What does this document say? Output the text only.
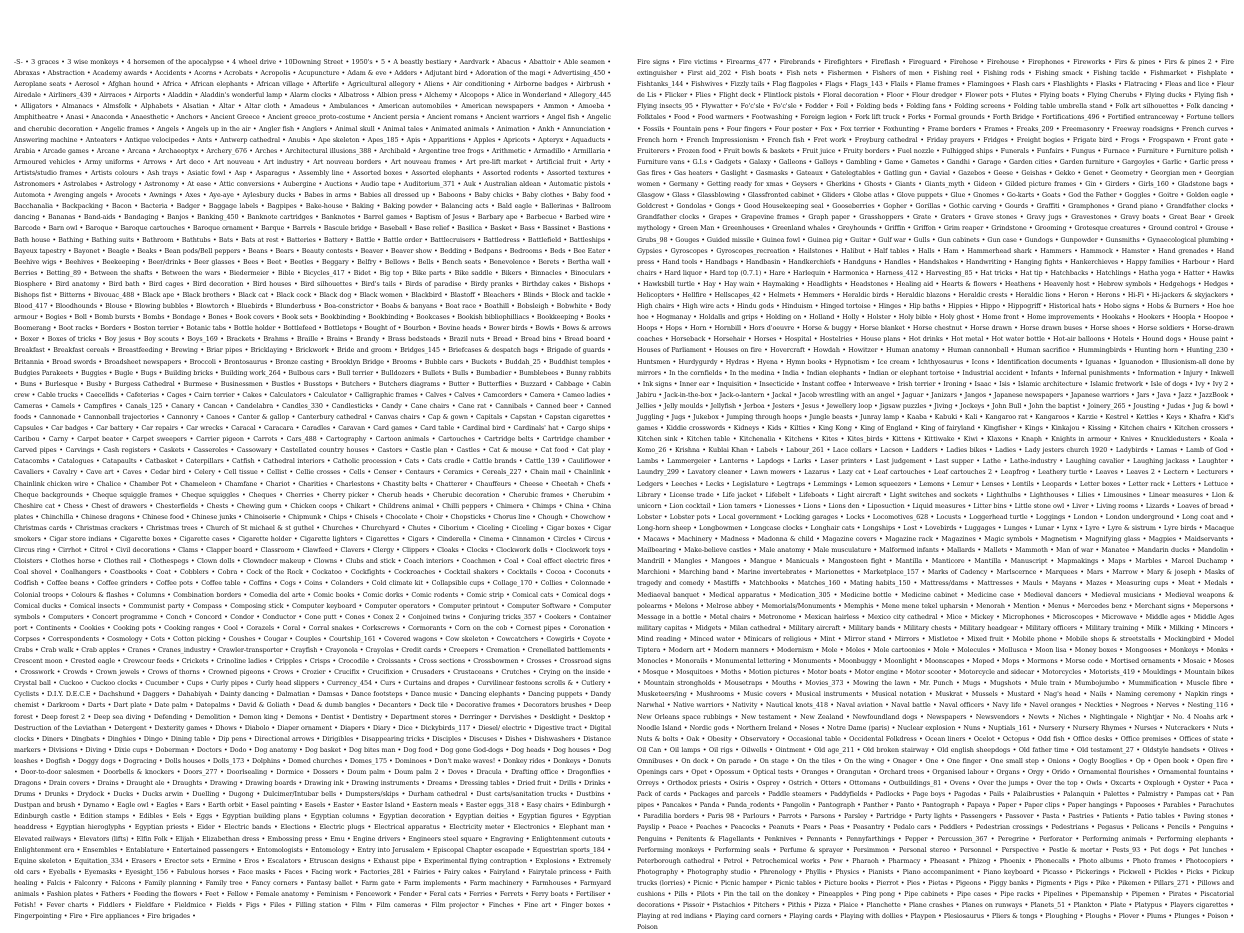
-S- • 3 graces • 3 wise monkeys • 4 horsemen of the apocalypse • 4 wheel drive • 10Downing Street • 1950's • 5 • A beastly bestiary • Aardvark • Abacus • Abattoir • Able seamen • Abraxas • Abstraction • Academy awards • Accidents • Acorns • Acrobats • Acropolis • Acupuncture • Adam & eve • Adders • Adjutant bird • Adoration of the magi • Advertising_450 • Aeroplane seats • Aerosol • Afghan hound • Africa • African elephants • African village • Afterlife • Agricultural allegory • Aliens • Air conditioning • Airborne badges • Airbrush • Airedale • Airliners_439 • Airraces • Airports • Aladdin • Aladdin's wonderful lamp • Alarm clocks • Albatross • Albion press • Alchemy • Alcopops • Alice in Wonderland • Allegory_445 • Alligators • Almanacs • Almsfolk • Alphabets • Alsatian • Altar • Altar cloth • Amadeus • Ambulances • American automobiles • American newspapers • Ammon • Amoeba • Amphitheatre • Anasi • Anaconda • Anaesthetic • Anchors • Ancient Greece • Ancient greece_proto-costume • Ancient persia • Ancient romans • Ancient warriors • Angel fish • Angelic and cherubic decoration • Angelic frames • Angels • Angels up in the air • Angler fish • Anglers • Animal skull • Animal tales • Animated animals • Animation • Ankh • Annunciation • Answering machine • Anteaters • Antique velocipedes • Ants • Antwerp cathedral • Anubis • Ape skeleton • Apes_185 • Apis • Apparitions • Apples • Apricots • Apteryx • Aquaducts • Arabia • Arcade games • Arcane • Arcana • Archaeoptyx • Archery_676 • Arches • Architectural illusions_388 • Archibald • Argentine tree frogs • Arithmetic • Armadillo • Armillaria • Armoured vehicles • Army uniforms • Arrows • Art deco • Art nouveau • Art industry • Art nouveau borders • Art nouveau frames • Art pre-lift market • Artificial fruit • Arty • Artists/studio frames • Artists colours • Ash trays • Asiatic fowl • Asp • Asparagus • Assembly line • Assorted boxes • Assorted elephants • Assorted rodents • Assorted textures • Astronomers • Astrolabes • Astrology • Astronomy • At ease • Attic conversions • Aubergine • Auctions • Audio tape • Auditorium_371 • Auk • Australian aldean • Automatic pistols • Automota • Avenging angels • Avocets • Awnings • Axes • Aye-aye • Aylesbury ducks • Babes in arms • Babies all dressed up • Baboons • Baby chicks • Baby clothes • Baby food • Bacchanalia • Backpacking • Bacon • Bacteria • Badger • Baggage labels • Bagpipes • Bake-house • Baking • Baking powder • Balancing acts • Bald eagle • Ballerinas • Ballroom dancing • Bananas • Band-aids • Bandaging • Banjos • Banking_450 • Banknote cartridges • Banknotes • Barrel games • Baptism of Jesus • Barbary ape • Barbecue • Barbed wire • Barcode • Barn owl • Baroque • Baroque cartouches • Baroque ornament • Barque • Barrels • Bascule bridge • Baseball • Base relief • Basilica • Basket • Bass • Bassinet • Bastions • Bath house • Bathing • Bathing suits • Bathroom • Bathtubs • Bats • Bats at rest • Batteries • Battery • Battle • Battle order • Battlecruisers • Battledress • Battlefield • Battleships • Bayeux tapestry • Bayonet • Beagle • Beaks • Bean pods/Bell peppers • Beans • Bears • Beauty contests • Beaver • Beaver show • Bedding • Bedpans • Bedrooms • Beds • Bee Eater • Beehive wigs • Beehives • Beekeeping • Beer/drinks • Beer glasses • Bees • Beet • Beetles • Beggary • Belfry • Bellows • Bells • Bench seats • Benevolence • Berets • Bertha wall • Berries • Betting_89 • Between the shafts • Between the wars • Biedermeier • Bible • Bicycles_417 • Bidet • Big top • Bike parts • Bike saddle • Bikers • Binnacles • Binoculars • Biosphere • Bird anatomy • Bird bath • Bird cages • Bird decoration • Bird houses • Bird silhouettes • Bird's tails • Birds of paradise • Birdy pranks • Birthday cakes • Bishops • Bishops fist • Bitterns • Bivouac_488 • Black ape • Black brothers • Black cat • Black cock • Black dog • Black women • Blackbird • Blastoff • Bleachers • Blinds • Block and tackle • Blood_417 • Bloodhounds • Blouse • Blowing bubbles • Blowtorch • Bluebirds • Blunderbuss • Boa-constrictor • Boabs & banyans • Boat race • Boathill • Bobsleigh • Bobwhite • Body armour • Bogies • Boll • Bomb bursts • Bombs • Bondage • Bones • Book covers • Book sets • Bookbinding • Bookbinding • Bookcases • Bookish bibliophilliacs • Bookkeeping • Books • Boomerang • Boot racks • Borders • Boston terrier • Botanic tabs • Bottle holder • Bottlefeed • Bottletops • Bought of • Bourbon • Bovine heads • Bower birds • Bowls • Bows & arrows • Boxer • Boxes of tricks • Boy jesus • Boy scouts • Boys_169 • Brackets • Brahms • Braille • Brains • Brandy • Brass bedsteads • Brazil nuts • Bread • Bread bins • Bread board • Breakfast • Breakfast cereals • Breastfeeding • Brewing • Briar pipes • Bricklaying • Brickwork • Bride and groom • Bridges_145 • Briefcases & despatch bags • Brigade of guards • Britannia • Broad swords • Broadsheet newspapers • Broccoli • Brontosaurus • Bronze casting • Brooklyn Bridge • Brooms • Bubble cars • Buckets • Buddah_25 • Buddhist temples • Budgies Parakeets • Buggies • Bugle • Bugs • Building bricks • Building work_264 • Bulbous cars • Bull terrier • Bulldozers • Bullets • Bulls • Bumbadier • Bumblebees • Bunny rabbits • Buns • Burlesque • Busby • Burgess Cathedral • Burmese • Businessmen • Bustles • Busstops • Butchers • Butchers diagrams • Butter • Butterflies • Buzzard • Cabbage • Cabin crew • Cable trucks • Caecellids • Cafeterias • Cages • Cairn terrier • Cakes • Calculators • Calculator • Calligraphic frames • Calves • Calves • Camcorders • Camera • Cameo ladies • Cameras • Camels • Campfires • Canals_125 • Canary • Cancan • Candelabra • Candles_330 • Candlesticks • Candy • Cane chairs • Cane rat • Cannibals • Canned beer • Canned foods • Cannonade • Cannonball trajectories • Cannonry • Canoes • Canter & gallop • Canterbury cathedral • Canvas chairs • Cap & gown • Capitals • Capstan • Capstan cigarettes • Capsules • Car badges • Car battery • Car repairs • Car wrecks • Caracal • Caracara • Caradles • Caravan • Card games • Card table • Cardinal bird • Cardinals' hat • Cargo ships • Caribou • Carny • Carpet beater • Carpet sweepers • Carrier pigeon • Carrots • Cars_488 • Cartography • Cartoon animals • Cartouches • Cartridge belts • Cartridge chamber • Carved pipes • Carvings • Cash registers • Caskets • Casseroles • Cassowary • Castellated country houses • Castors • Castle plan • Castles • Cat & mouse • Cat food • Cat play • Catacombs • Catalogues • Catapaults • Catbasket • Caterpillars • Catfish • Cathedral interiors • Catholic procession • Cats • Cats cradle • Cattle brands • Cattle_139 • Cauliflower • Cavaliers • Cavalry • Cave art • Caves • Cedar bird • Celery • Cell tissue • Cellist • Cellie crosses • Cells • Censer • Centaurs • Ceramics • Cereals_227 • Chain mail • Chainlink • Chainlink chicken wire • Chalice • Chamber Pot • Chameleon • Chamfane • Chariot • Charities • Charlestons • Chastity belts • Chatterer • Chauffeurs • Cheese • Cheetah • Chefs • Cheque backgrounds • Cheque squiggle frames • Cheque squiggles • Cheques • Cherries • Cherry picker • Cherub heads • Cherubic decoration • Cherubic frames • Cherubim • Cheshire cat • Chess • Chest of drawers • Chesterfields • Chests • Chewing gum • Chicken coops • Chikart • Childrens animal • Chilli peppers • Chimera • Chimps • China • China plates • Chinchilla • Chinese dragons • Chinese food • Chinese junks • Chinoiserie • Chipmunk • Chips • Chisels • Chocolate • Choir • Chopsticks • Chorus line • Chough • Chowchow • Christmas cards • Christmas crackers • Christmas trees • Church of St michael & st guthel • Churches • Churchyard • Chutes • Ciborium • Ciceling • Ciceling • Cigar boxes • Cigar smokers • Cigar store indians • Cigarette boxes • Cigarette cases • Cigarette holder • Cigarette lighters • Cigarettes • Cigars • Cinderella • Cinema • Cinnamon • Circles • Circus • Circus ring • Cirrhot • Citrol • Civil decorations • Clams • Clapper board • Classroom • Clawfeed • Clavers • Clergy • Clippers • Cloaks • Clocks • Clockwork dolls • Clockwork toys • Cloisters • Clothes horse • Clothes rail • Clothespegs • Clown dolls • Clowndecr makeup • Clowns • Clubs and stick • Coach interiors • Coachmen • Coal • Coal effect electric fires • Coal shovel • Coalhangers • Coastbooks • Coat • Cobblers • Cobra • Cock of the Rock • Cockatoo • Cockfights • Cockroaches • Cocktail shakers • Cocktails • Cocoa • Coconuts • Codfish • Coffee beans • Coffee grinders • Coffee pots • Coffee table • Coffins • Cogs • Coins • Colanders • Cold climate kit • Collapsible cups • Collage_170 • Collies • Colonnade • Colonial troops • Colours & flashes • Columns • Combination borders • Comedia del arte • Comic books • Comic dorks • Comic rodents • Comic strip • Comical cats • Comical dogs • Comical ducks • Comical insects • Communist party • Compass • Composing stick • Computer keyboard • Computer operators • Computer printout • Computer Software • Computer symbols • Computers • Concert programme • Conch • Concord • Condor • Conductor • Cone putt • Cones • Conex 2 • Conjoined twins • Conjuring tricks_357 • Cookers • Container port • Continents • Cookies • Cooking pots • Cooking ranges • Cool • Corazels • Coral • Corral snakes • Corkscrews • Cormorants • Corn on the cob • Cornest pipes • Coronation • Corpses • Correspondents • Cosmology • Cots • Cotton picking • Coushes • Cougar • Couples • Courtship_161 • Covered wagons • Cow skeleton • Cowcatchers • Cowgirls • Coyote • Crabs • Crab walk • Crab apples • Cranes • Cranes_industry • Crawler-transporter • Crayfish • Crayonola • Crayolas • Credit cards • Creepers • Cremation • Crenellated battlements • Crescent moon • Crested eagle • Crewcour feeds • Crickets • Crinoline ladies • Cripples • Crisps • Crocodile • Croissants • Cross sections • Crossbowmen • Crosses • Crossroad signs • Crosswork • Crowds • Crown jewels • Crows of thorns • Crowned pigeons • Crows • Crozier • Crucifix • Crucifixion • Crusaders • Crustaceans • Crutches • Crying on the inside • Crystal ball • Cuckoo • Cuckoo clocks • Cucumber • Cups • Curly pipes • Curly head slippers • Currency_454 • Curs • Curtains and drapes • Curvilinear festoons scrolls & • Cutlery • Cyclists • D.I.Y. D.E.C.E • Dachshund • Daggers • Dahabiyah • Dainty dancing • Dalmatian • Damsas • Dance footsteps • Dance music • Dancing elephants • Dancing puppets • Dandy chemist • Darkroom • Darts • Dart plate • Date palm • Datepalms • David & Goliath • Dead & dumb bangles • Decanters • Deck tile • Decorative frames • Decorators brushes • Deep forest • Deep forest 2 • Deep sea diving • Defending • Demolition • Demon king • Demons • Dentist • Dentistry • Department stores • Derringer • Dervishes • Desklight • Desktop • Destruction of the Leviathan • Detergent • Dexterity games • Dhows • Diabolo • Diaper ornament • Diapers • Diary • Dice • Dickybirds_117 • Diesel/ electric • Digestive tract • Digital clocks • Diners • Dingbats • Dinghies • Dingo • Dining table • Dip pens • Directional arrows • Dirigibles • Disappearing tricks • Disciples • Discuses • Dishes • Dishwashers • Distance markers • Divisions • Diving • Dixie cups • Doberman • Doctors • Dodo • Dog anatomy • Dog basket • Dog bites man • Dog food • Dog gone God-dogs • Dog heads • Dog houses • Dog leashes • Dogfish • Doggy dogs • Dogracing • Dolls houses • Dolls_173 • Dolphins • Domed churches • Domes_175 • Dominoes • Don't make waves! • Donkey rides • Donkeys • Donuts • Door-to-door salesmen • Doorbells & knockers • Doors_277 • Doorlsealing • Dormice • Dossers • Doum palm • Doum palm 2 • Doves • Dracula • Drafting office • Dragonflies • Dragons • Drain covers • Drains • Draught ale • Draughts • Drawing • Drawing boards • Drawing ink • Drawing instruments • Dreams • Dressing tables • Dried fruit • Drills • Drinks • Drums • Drunks • Drydock • Ducks • Ducks arwin • Duelling • Dugong • Dulcimer/Intubar bells • Dumpsters/skips • Durham cathedral • Dust carts/sanitation trucks • Dustbins • Dustpan and brush • Dynamo • Eagle owl • Eagles • Ears • Earth orbit • Easel painting • Easels • Easter • Easter Island • Eastern meals • Easter eggs_318 • Easy chairs • Edinburgh • Edinburgh castle • Edition stamps • Edibles • Eels • Eggs • Egyptian building plans • Egyptian columns • Egyptian decoration • Egyptian deities • Egyptian figures • Egyptian headdress • Egyptian hieroglyphs • Egyptian priests • Eider • Electric bands • Elections • Electric plugs • Electrical apparatus • Electricity meter • Electronics • Elephant man • Elevated railways • Elevators (lifts) • Elfin Folk • Elijah • Elizabethan dress • Embossing press • Emu • Engine drivers • Engineers steel square • Engraving • Enlightenment cutouts • Enlightenment era • Ensembles • Entablature • Entertained passengers • Entomologists • Entomology • Entry into Jerusalem • Episcopal Chapter escapade • Equestrian sports_184 • Equine skeleton • Equitation_334 • Erasers • Erector sets • Ermine • Eros • Escalators • Etruscan designs • Exhaust pipe • Experimental flying contraption • Explosions • Extremely old cars • Eyeballs • Eyemasks • Eyesight_156 • Fabulous horses • Face masks • Faces • Facing work • Factories_281 • Fairies • Fairy cakes • Fairyland • Fairytale princess • Faith healing • Falcis • Falconry • Falcons • Family planning • Family tree • Fancy corners • Fantasy ballet • Farm gate • Farm implements • Farm machinery • Farmhouses • Farmyard animals • Fashion plates • Fathers • Feeding the flowers • Feet • Fellow • Female anatomy • Feminism • Fencework • Fender • Feral cats • Ferries • Ferrets • Ferry boats • Fertiliser • Fetish! • Fever charts • Fiddlers • Fieldfare • Fieldmice • Fields • Figs • Files • Filling station • Film • Film cameras • Film projector • Finches • Fine art • Finger boxes • Fingerpointing • Fire • Fire appliances • Fire brigades •
Fire signs • Fire victims • Firearms_477 • Firebrands • Firefighters • Fireflash • Fireguard • Firehose • Firehouse • Firephones • Fireworks • Firs & pines • Firs & pines 2 • Fire extinguisher • First aid_202 • Fish boats • Fish nets • Fishermen • Fishers of men • Fishing reel • Fishing rods • Fishing smack • Fishing tackle • Fishmarket • Fishplate • Fishtanks_144 • Fishwives • Fizzly tails • Flag flagpoles • Flags • Flags_143 • Flails • Flame frames • Flamingoes • Flash cars • Flashlights • Flasks • Flatracing • Fleas and lice • Fleur de Lis • Flicker • Flies • Flight deck • Flintlock pistols • Floral decoration • Floor • Flour dredger • Flower pots • Flutes • Flying boats • Flying Cherubs • Flying ducks • Flying fish • Flying insects_95 • Flywatter • Fo'c'sle • Fo'c'sle • Fodder • Foil • Folding beds • Folding fans • Folding screens • Folding table umbrella stand • Folk art silhouettes • Folk dancing • Folktales • Food • Food warmers • Footwashing • Foreign legion • Fork lift truck • Forks • Formal grounds • Forth Bridge • Fortifications_496 • Fortified entranceway • Fortune tellers • Fossils • Fountain pens • Four fingers • Four poster • Fox • Fox terrier • Foxhunting • Frame borders • Frames • Freaks_209 • Freemasonry • Freeway roadsigns • French curves • French horn • French Impressionism • French fish • Fret work • Freyburg cathedral • Friday prayers • Fridges • Freight bogies • Frigate bird • Frogs • Frogspawn • Front gate • Fruiterers • Frozen food • Fruit bowls & baskets • Fruit juice • Fruity borders • Fuel nozzle • Fulhigged ships • Funerals • Funfairs • Fungus • Furnace • Furniture • Furniture polish • Furniture vans • G.I.s • Gadgets • Galaxy • Galleons • Galleys • Gambling • Game • Gametes • Gandhi • Garage • Garden cities • Garden furniture • Gargoyles • Garlic • Garlic press • Gas fires • Gas heaters • Gaslight • Gasmasks • Gateaux • Gatelegtables • Gatling gun • Gavial • Gazebos • Geese • Geishas • Gekko • Genet • Geometry • Georgian men • Georgian women • Germany • Getting ready for xmas • Geysers • Gherkins • Ghosts • Giants • Giants_myth • Gideon • Gilded picture frames • Gin • Girders • Girls_160 • Gladstone bags • Glasgow • Glass • Glassblowing • Glassfronted cabinet • Gliders • Globe atlas • Glove puppets • Glue • Gnomes • Go-karts • Goats • God the Father • Goggles • Goitre • Golden eagle • Goldcrest • Gondolas • Gongs • Good Housekeeping seal • Gooseberries • Gopher • Gorillas • Gothic carving • Gourds • Graffiti • Gramphones • Grand piano • Grandfather clocks • Grandfather clocks • Grapes • Grapevine frames • Graph paper • Grasshoppers • Grate • Graters • Grave stones • Gravy jugs • Gravestones • Gravy boats • Great Bear • Greek mythology • Green Man • Greenhouses • Greenland whales • Greyhounds • Griffin • Griffon • Grim reaper • Grindstone • Grooming • Grotesque creatures • Ground control • Grouse • Grubs_98 • Gouges • Guided missile • Guinea fowl • Guinea pig • Guitar • Gulf war • Gulls • Gun cabinets • Gun case • Gundogs • Gunpowder • Gunsmiths • Gynaecological plumbing • Gypsies • Gyroscopes • Gyroscopes_recreation • Hailstones • Halibut • Half tables • Halls • Ham • Hammerhead shark • Hammers • Hammock • Hamster • Hand grenades • Hand press • Hand tools • Handbags • Handbasin • Handkerchiefs • Handguns • Handles • Handshakes • Handwriting • Hanging fights • Hankerchieves • Happy families • Harbour • Hard chairs • Hard liquor • Hard top (0.7.1) • Hare • Harlequin • Harmonica • Harness_412 • Harvesting_85 • Hat tricks • Hat tip • Hatchbacks • Hatchlings • Hatha yoga • Hatter • Hawks • Hawksbill turtle • Hay • Hay wain • Haymaking • Headlights • Headstones • Healing aid • Hearts & flowers • Heathens • Heavenly host • Hebrew symbols • Hedgehogs • Hedges • Helicopters • Hellfire • Hellscapes_42 • Helmets • Hemmers • Heraldic birds • Heraldic blazons • Heraldic crests • Heraldic lions • Heron • Herons • Hi-Fi • Hi-jackers & skyjackers • High chairs • High wire acts • Hindu gods • Hinduism • Hinged tortoise • Hinges • Hip baths • Hippies • Hippo • Hippogriff • Historical hats • Hobo signs • Hobs & Burners • Hoe hoe hoe • Hogmanay • Holdalls and grips • Holding on • Holland • Holly • Holster • Holy bible • Holy ghost • Home front • Home improvements • Hookahs • Hookers • Hoopla • Hoopoe • Hoops • Hops • Horn • Hornbill • Hors d'oeuvre • Horse & buggy • Horse blanket • Horse chestnut • Horse drawn • Horse drawn buses • Horse shoes • Horse soldiers • Horse-drawn coaches • Horseback • Horsehair • Horses • Hospital • Hostelries • House plans • Hot drinks • Hot metal • Hot water bottle • Hot-air balloons • Hotels • Hound dogs • House paint • Houses of Parliament • Houses on fire • Hovercraft • Howdah • Howitzer • Human anatomy • Human cannonball • Human sacrifice • Hummingbirds • Hunting horn • Hunting_230 • Huntsmen • Hurdygurdy • Hydras • Hyena • Hymn books • Hypnotism • Ice cream • Ichthyosaurus • Icons • Identification documents • Iguanas • Iguanodon • Illusionism-all done by mirrors • In the cornfields • In the medina • India • Indian elephants • Indian or elephant tortoise • Industrial accident • Infants • Infernal punishments • Information • Injury • Inkwell • Ink signs • Inner ear • Inquisition • Insecticide • Instant coffee • Interweave • Irish terrier • Ironing • Isaac • Isis • Islamic architecture • Islamic fretwork • Isle of dogs • Ivy • Ivy 2 • Jabiru • Jack-in-the-box • Jack-o-lantern • Jackal • Jacob wrestling with an angel • Jaguar • Janizars • Jangos • Japanese newspapers • Japanese warriors • Jars • Java • Jazz • JazzBook • Jellies • Jelly moulds • Jellyfish • Jerboa • Jesters • Jesus • Jewellery loop • Jigsaw puzzles • Jiving • Jockeys • John Bull • John the baptist • Joinery_265 • Jousting • Judas • Jug & bowl • Juggling • Jugs • Jukebox • Jumping through hoops • Jungle beasts • Junray lamp • Kaaba • Kabuki • Kali • Kangaroo rat • Kangaroos • Karzie • Kestrel • Kettles • Keys • Khafra • Kid's games • Kiddie crosswords • Kidneys • Kids • Kilties • King Kong • King of England • King of fairyland • Kingfisher • Kings • Kinkajou • Kissing • Kitchen chairs • Kitchen crossers • Kitchen sink • Kitchen table • Kitchenalia • Kitchens • Kites • Kites_birds • Kittens • Kittiwake • Kiwi • Klaxons • Knaph • Knights in armour • Knives • Knuckledusters • Koala • Komo_26 • Krishna • Kublai Khan • Labels • Labour_261 • Lace collars • Lacson • Ladders • Ladies bikes • Ladies • Lady jesters church 1920 • Ladybirds • Lamas • Lamb of God • Lambs • Lammergeier • Lanterns • Lapdogs • Larks • Laser printers • Last judgement • Last supper • Lathe • Lathe-industry • Laughing cavalier • Laughing jackass • Laughter • Laundry_299 • Lavatory cleaner • Lawn mowers • Lazarus • Lazy cat • Leaf cartouches • Leaf cartouches 2 • Leapfrog • Leathery turtle • Leaves • Leaves 2 • Lectern • Lecturers • Ledgers • Leeches • Lecks • Legislature • Legtraps • Lemmings • Lemon squeezers • Lemons • Lemur • Lenses • Lentils • Leopards • Letter boxes • Letter rack • Letters • Lettuce • Library • License trade • Life jacket • Lifebelt • Lifeboats • Light aircraft • Light switches and sockets • Lighthulbs • Lighthouses • Lilies • Limousines • Linear measures • Lion & unicorn • Lion cocktail • Lion tamers • Lionesses • Lions • Lions den • Liposuction • Liquid measures • Litter bins • Little stone owl • Liver • Living rooms • Lizards • Loaves of bread • Lobster • Lobster pots • Local government • Locking garages • Locks • Locomotives_628 • Locusts • Loggerhead turtle • Loggings • London • London underground • Long coat and • Long-horn sheep • Longbowmen • Longcase clocks • Longhair cats • Longships • Lost • Lovebirds • Luggages • Lunges • Lunar • Lynx • Lyre • Lyre & sistrum • Lyre birds • Macaque • Macaws • Machinery • Madness • Madonna & child • Magazine covers • Magazine rack • Magazines • Magic symbols • Magnetism • Magnifying glass • Magpies • Maidservants • Mailbearing • Make-believe castles • Male anatomy • Male musculature • Malformed infants • Mallards • Mallets • Mammoth • Man of war • Manatee • Mandarin ducks • Mandolin • Mandrill • Mangles • Mangoes • Mangue • Manicuals • Mangosteen fight • Mantilla • Manticore • Mantilla • Manuscript • Mapmakings • Maps • Marbles • Marcel Duchamp • Marchioni • Marching band • Marine invertebrates • Marionettes • Marketplace_157 • Marks of Cadency • Marlscernce • Marquees • Mars • Marrow • Mary & joseph • Masks of tragedy and comedy • Mastiffs • Matchbooks • Matches_160 • Mating habits_150 • Mattress/dams • Mattresses • Mauls • Mayans • Mazes • Measuring cups • Meat • Medals • Mediaeval banquet • Medical apparatus • Medication_305 • Medicine bottle • Medicine cabinet • Medicine case • Medieval dancers • Medieval musicians • Medieval weapons & polearms • Melons • Melrose abbey • Memorials/Monuments • Memphis • Mene mene tekel upharsin • Menorah • Mention • Menus • Mercedes benz • Merchant signs • Mepersons • Message in a bottle • Metal chairs • Metronome • Mexican hairless • Mexico city cathedral • Mice • Mickey • Microphones • Microscopes • Microwave • Middle ages • Middle Ages military capitas • Midgets • Milan cathedral • Military aircraft • Military bands • Military chests • Military headgear • Military officers • Military training • Milk • Milking • Mincers • Mind reading • Minced water • Minicars of religious • Mint • Mirror stand • Mirrors • Mistletoe • Mixed fruit • Mobile phone • Mobile shops & streetstalls • Mockingbird • Model Tiptera • Modern art • Modern manners • Modernism • Mole • Moles • Mole cartoonies • Mole • Molecules • Mollusca • Moon lisa • Money boxes • Mongooses • Monkeys • Monks • Monocles • Monorails • Monumental lettering • Monuments • Moonbuggy • Moonlight • Moonscapes • Moped • Mops • Mormons • Morse code • Mortised ornaments • Mosaic • Moses • Mosque • Mosquitoes • Moths • Motion pictures • Motor boats • Motor engine • Motor scooter • Motorcycle and sidecar • Motorcycles • Motorists_419 • Mouldings • Mountain bikes • Mountain strongholds • Mousetraps • Mouths • Movies_373 • Mowing the lawn • Mr. Punch • Mugs • Mugshots • Mule train • Mumbojumbo • Mummification • Muscle fibre • Musketeers/ing • Mushrooms • Music covers • Musical instruments • Musical notation • Muskrat • Mussels • Mustard • Nag's head • Nails • Naming ceremony • Napkin rings • Narwhal • Native warriors • Nativity • Nautical knots_418 • Naval aviation • Naval battle • Naval officers • Navy life • Navel oranges • Neckties • Negroes • Nerves • Nesting_116 • New Orleans space rubbings • New testament • New Zealand • Newfoundland dogs • Newspapers • Newsvendors • Newts • Niches • Nightingale • Nightjar • No. 4 Noahs ark • Noodle Island • Nordic gods • Northern Ireland • Noses • Notre Dame (paris) • Nuclear explosion • Nuns • Nuptials_161 • Nursery • Nursery Rhymes • Nurses • Nutcrackers • Nuts • Nuts & bolts • Oak • Obesity • Observatory • Occasional table • Occidental Folkdress • Ocean liners • Ocelot • Octopus • Odd fish • Office desks • Office premises • Offices of state • Oil Can • Oil lamps • Oil rigs • Oilwells • Ointment • Old age_211 • Old broken stairway • Old english sheepdogs • Old father time • Old testament_27 • Oldstyle handsets • Olives • Omnibuses • On deck • On parade • On stage • On the tiles • On the wing • Onager • One • One finger • One small step • Onions • Oogly Booglies • Op • Open book • Open fire • Openings cars • Opet • Opossum • Optical tests • Oranges • Orangutan • Orchard trees • Organised labour • Organs • Orgy • Orido • Ornamental flourishes • Ornamental fountains • Orreys • Orthodox priests • Osiris • Osprey • Ostrich • Otters • Ottomans • Outbuildings_81 • Ovens • Over the jumps • Over the top • Owls • Oxcarts • Oxplough • Oyster • Paca • Pack of cards • Packages and parcels • Paddle steamers • Paddyfields • Padlocks • Page boys • Pagodas • Pails • Palaibrusties • Palanquin • Palettes • Palmistry • Pampas cat • Pan pipes • Pancakes • Panda • Panda_rodents • Pangolin • Pantograph • Panther • Panto • Pantograph • Papaya • Paper • Paper clips • Paper hangings • Papooses • Parables • Parachutes • Paradilia borders • Paris 98 • Parlours • Parrots • Parsons • Parsley • Partridge • Party lights • Passengers • Passover • Pasta • Pastries • Patients • Patio tables • Paving stones • Payslip • Peace • Peaches • Peacocks • Peanuts • Pears • Peas • Peasantry • Pedalo cars • Peddlers • Pedestrian crossings • Pedestrians • Pegasus • Pelicans • Pencils • Penguins • Penguins • Penitents & Flagellants • Penknives • Pennants • Pennyfarthings • Pepper • Percussion_367 • Peregrine • Perforator • Performing animals • Performing elephants • Performing monkeys • Performing seals • Perfume & sprayer • Persimmon • Personal stereo • Personnel • Perspective • Pestle & mortar • Pests_93 • Pet dogs • Pet lunches • Peterborough cathedral • Petrol • Petrochemical works • Pew • Pharaoh • Pharmacy • Pheasant • Phizog • Phoenix • Phonecalls • Photo albums • Photo frames • Photocopiers • Photography • Photography studio • Phrenology • Phyllis • Physics • Pianists • Piano accompaniment • Piano keyboard • Picasso • Pickerings • Pickwell • Pickles • Picks • Pickup trucks (lorries) • Picnic • Picnic hamper • Picnic tables • Picture books • Pierrot • Pies • Pietas • Pigeons • Piggy banks • Pigments • Pigs • Pike • Pikemen • Pillars_271 • Pillows and cushions • Pills • Pilots • Pin the tail on the donkey • Pineapples • Ping pong • Pipe cabinets • Pipe cases • Pipe racks • Pipelines • Pipemanship • Pipemen • Pirates • Piscatorial decorations • Pissoir • Pistachios • Pitchers • Pithis • Pizza • Plaice • Planchette • Plane crashes • Planes on runways • Planets_51 • Plankton • Plate • Platypus • Players cigarettes • Playing at red indians • Playing card corners • Playing cards • Playing with dollies • Playpen • Plesiosaurus • Pliers & tongs • Ploughing • Ploughs • Plover • Plums • Plunges • Poison • Poison
